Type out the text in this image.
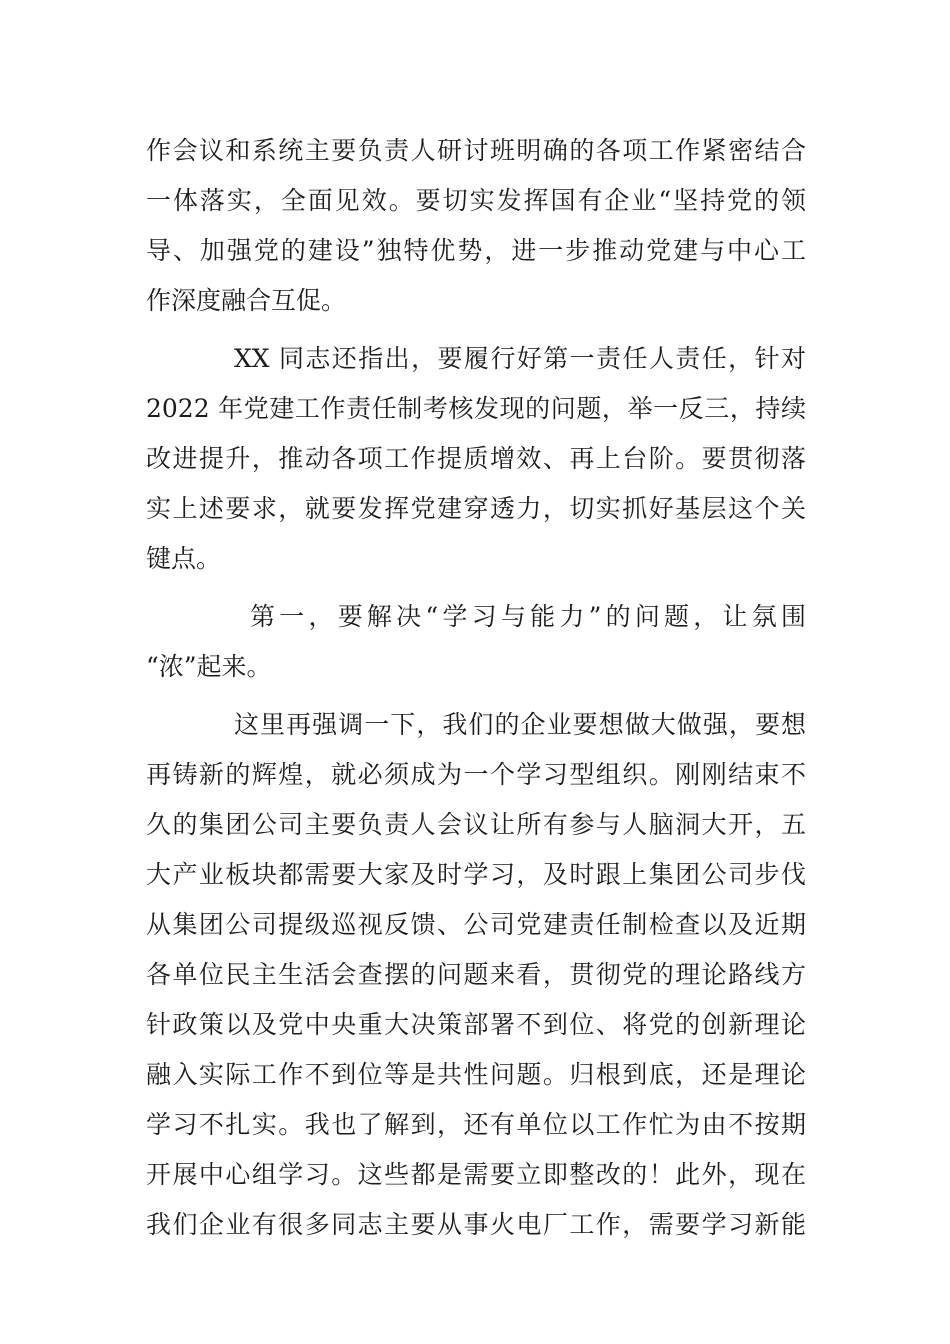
作会议和系统主要负责人研讨班明确的各项工作紧密结合
一体落实，全面见效。要切实发挥国有企业“坚持党的领
导、加强党的建设”独特优势，进一步推动党建与中心工
作深度融合互促。
XX 同志还指出，要履行好第一责任人责任，针对
2022 年党建工作责任制考核发现的问题，举一反三，持续
改进提升，推动各项工作提质增效、再上台阶。要贯彻落
实上述要求，就要发挥党建穿透力，切实抓好基层这个关
键点。
第一，要解决“学习与能力”的问题，让氛围
“浓”起来。
这里再强调一下，我们的企业要想做大做强，要想
再铸新的辉煌，就必须成为一个学习型组织。刚刚结束不
久的集团公司主要负责人会议让所有参与人脑洞大开，五
大产业板块都需要大家及时学习，及时跟上集团公司步伐
从集团公司提级巡视反馈、公司党建责任制检查以及近期
各单位民主生活会查摆的问题来看，贯彻党的理论路线方
针政策以及党中央重大决策部署不到位、将党的创新理论
融入实际工作不到位等是共性问题。归根到底，还是理论
学习不扎实。我也了解到，还有单位以工作忙为由不按期
开展中心组学习。这些都是需要立即整改的！此外，现在
我们企业有很多同志主要从事火电厂工作，需要学习新能
